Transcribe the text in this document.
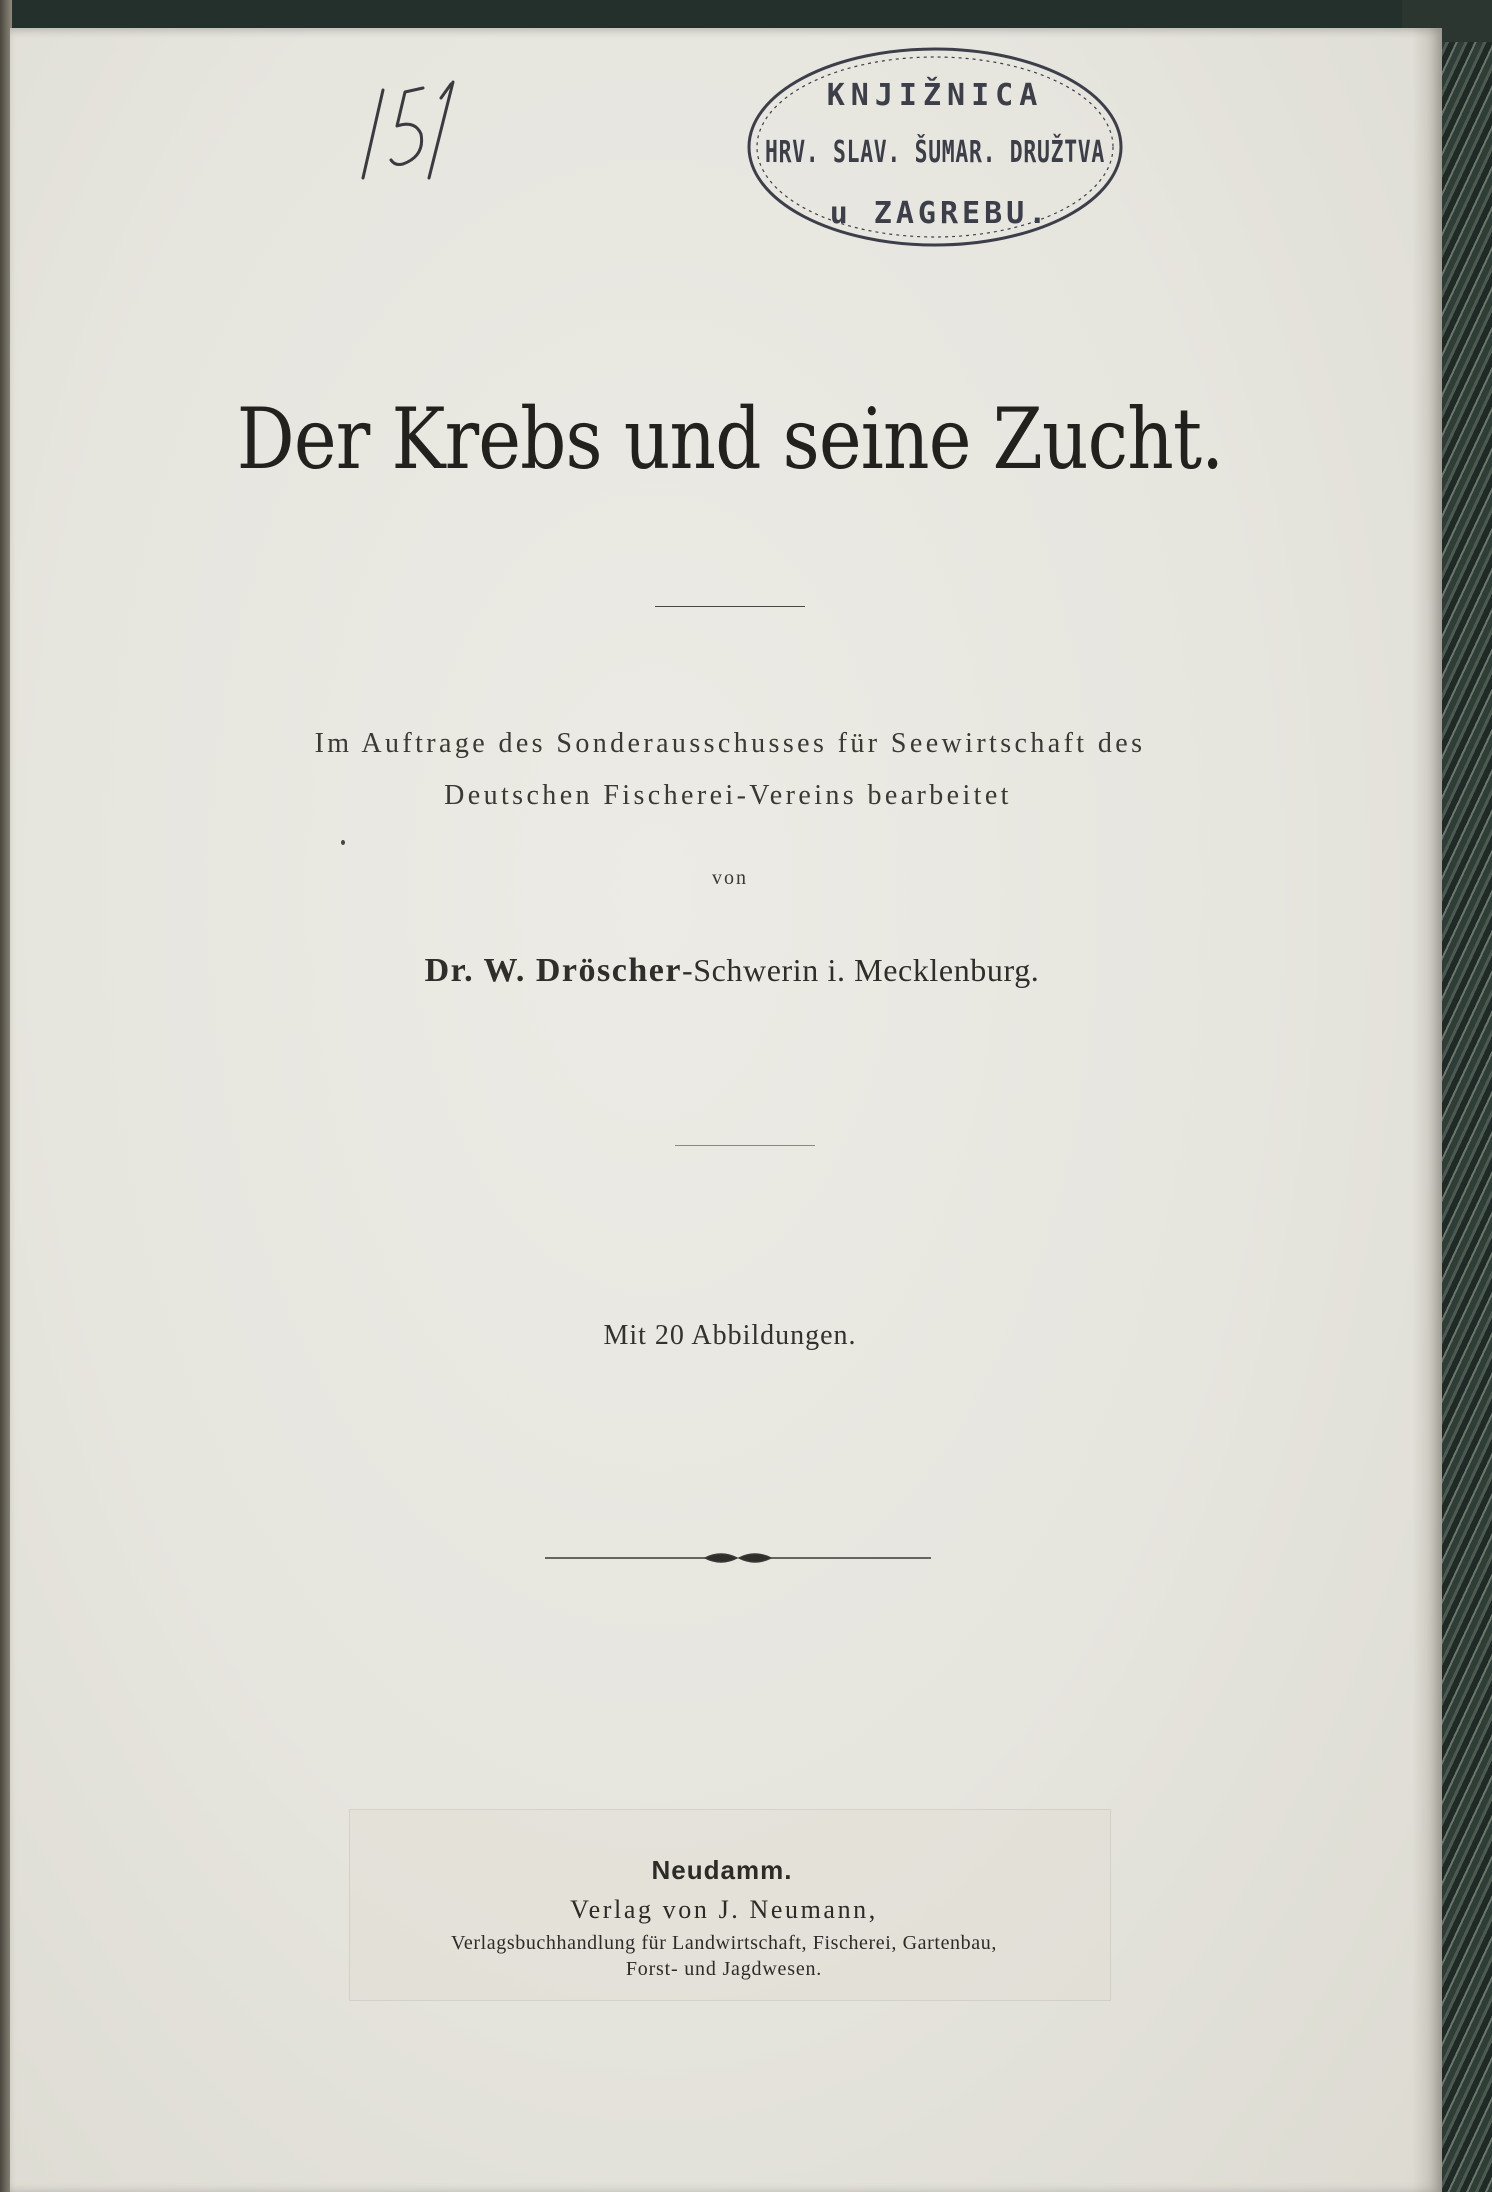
KNJIŽNICA
HRV. SLAV. ŠUMAR. DRUŽTVA
u ZAGREBU.
Der Krebs und seine Zucht.
Im Auftrage des Sonderausschusses für Seewirtschaft des
Deutschen Fischerei-Vereins bearbeitet
von
Dr. W. Dröscher-Schwerin i. Mecklenburg.
Mit 20 Abbildungen.
Neudamm.
Verlag von J. Neumann,
Verlagsbuchhandlung für Landwirtschaft, Fischerei, Gartenbau,
Forst- und Jagdwesen.
